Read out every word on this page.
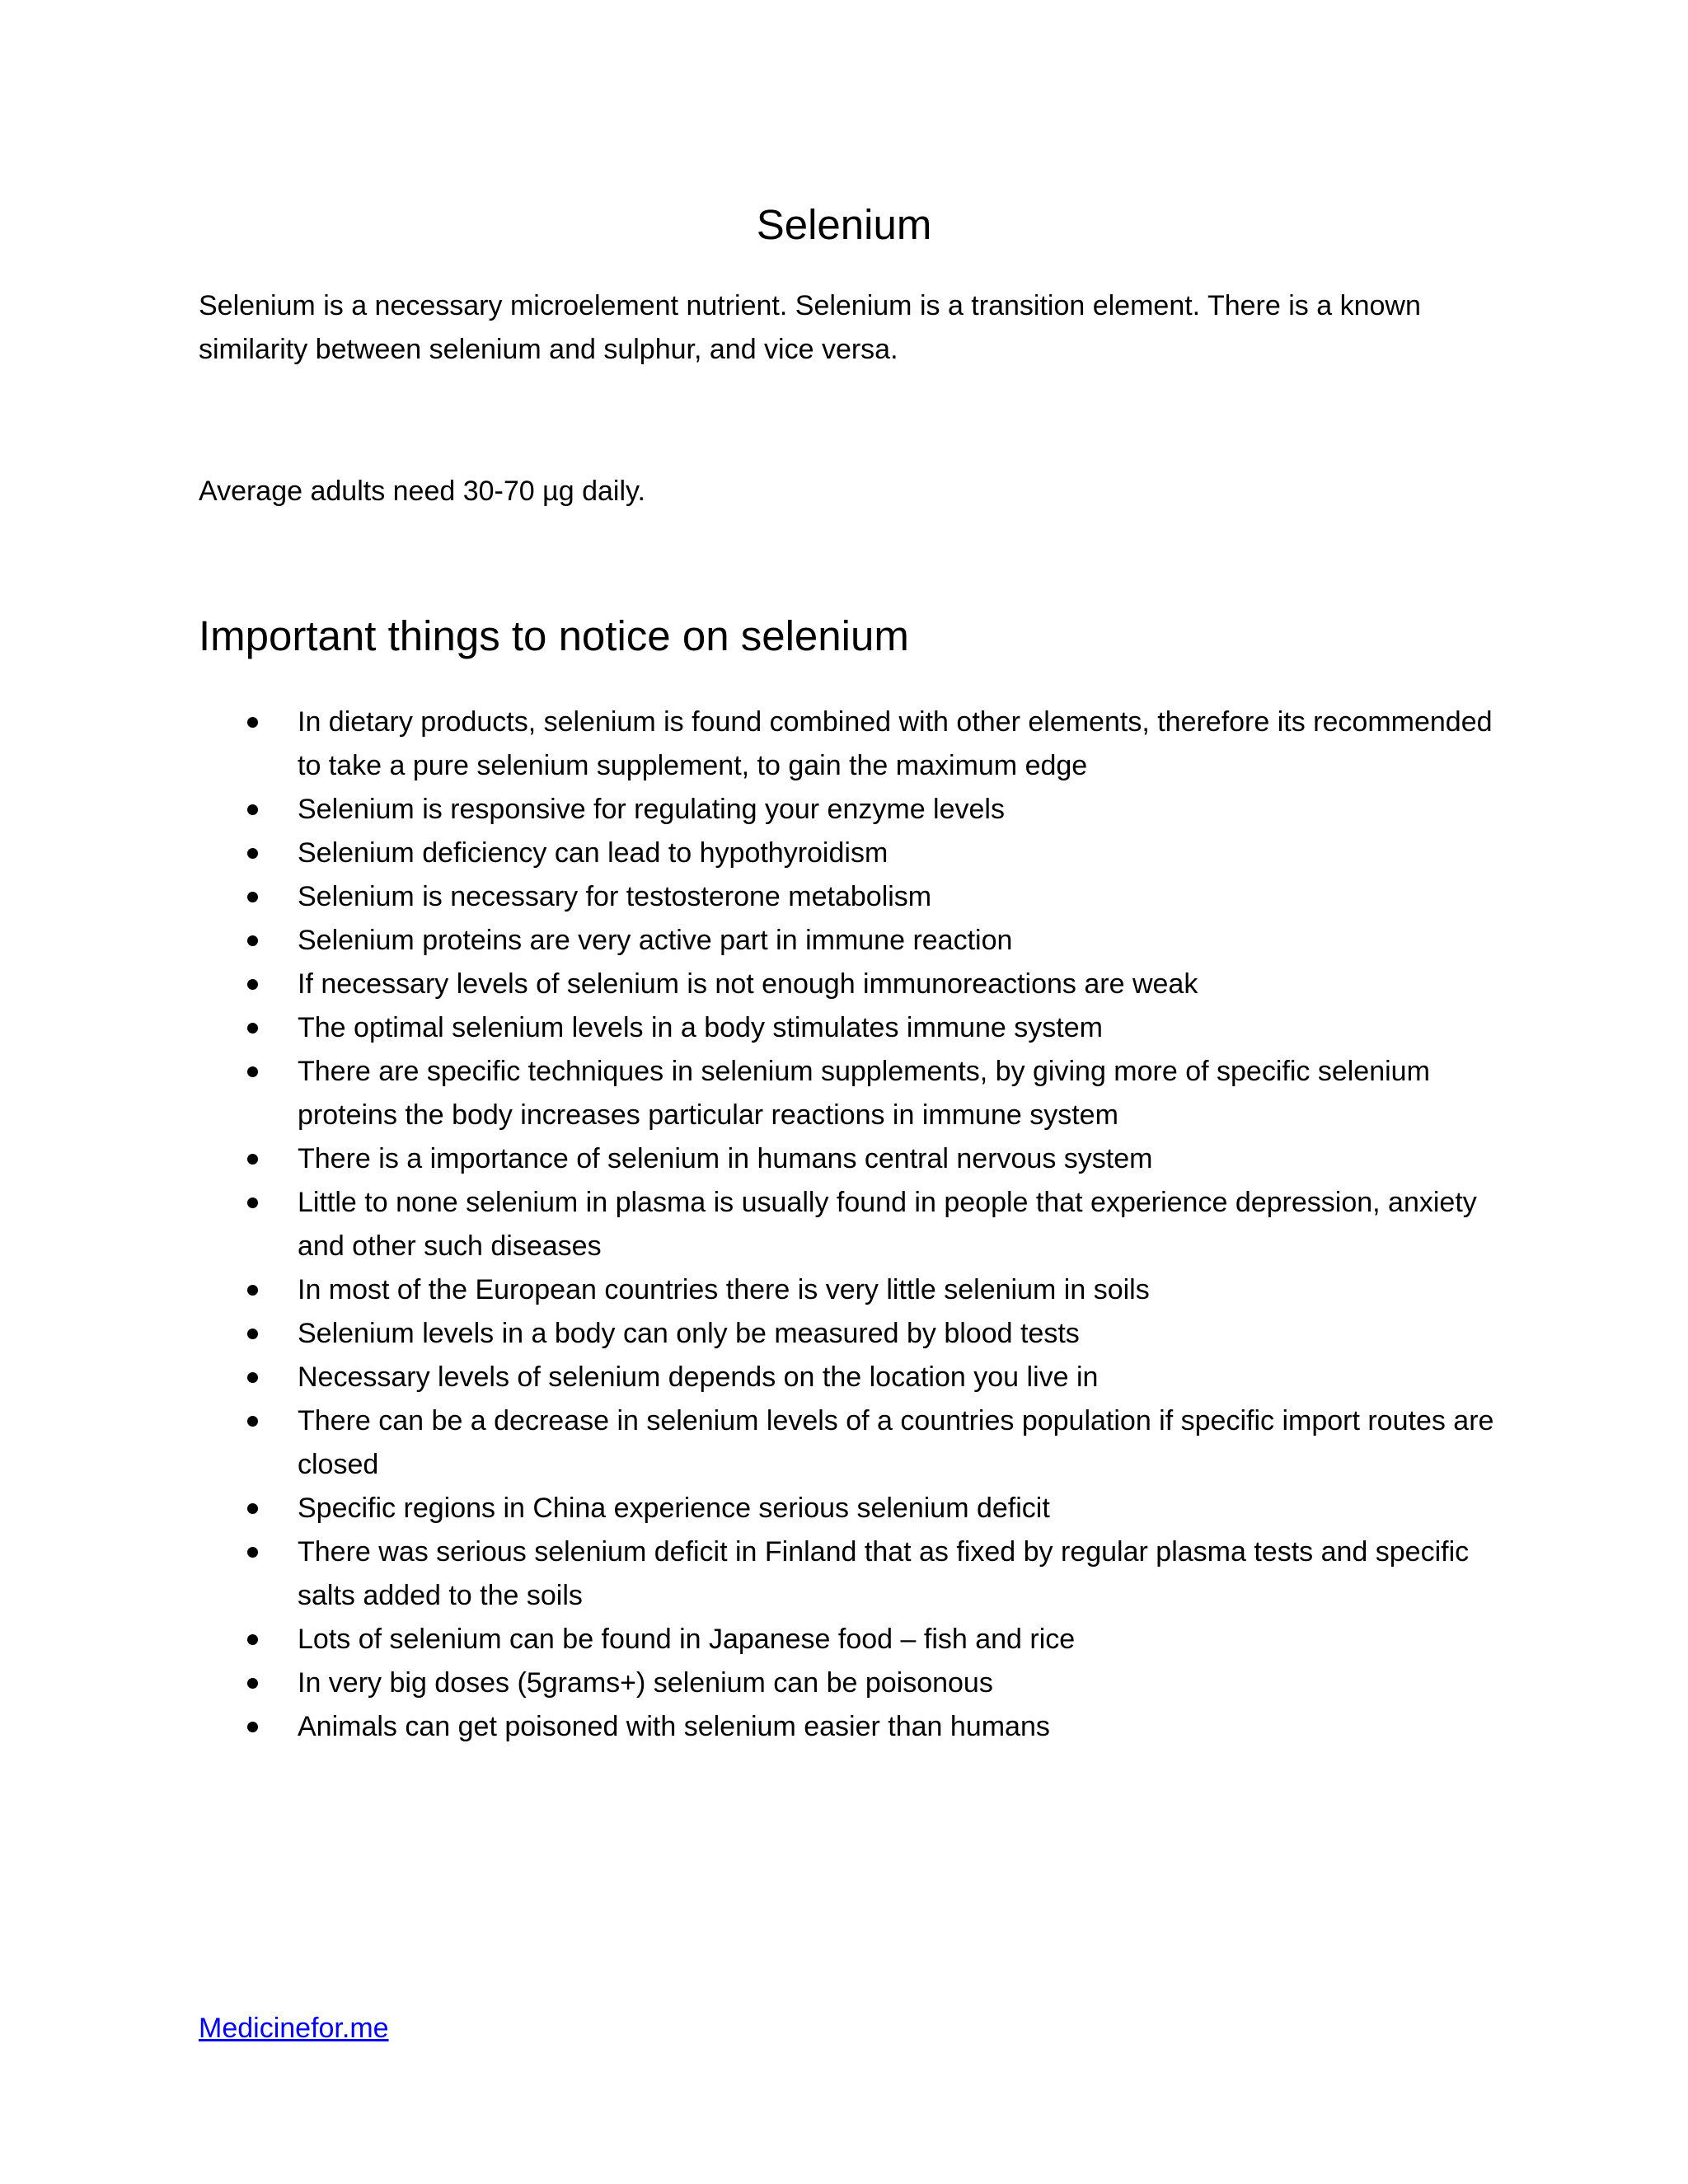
Selenium

Selenium is a necessary microelement nutrient. Selenium is a transition element. There is a known similarity between selenium and sulphur, and vice versa.

Average adults need 30-70 µg daily.

Important things to notice on selenium
In dietary products, selenium is found combined with other elements, therefore its recommended to take a pure selenium supplement, to gain the maximum edge
Selenium is responsive for regulating your enzyme levels
Selenium deficiency can lead to hypothyroidism
Selenium is necessary for testosterone metabolism
Selenium proteins are very active part in immune reaction
If necessary levels of selenium is not enough immunoreactions are weak
The optimal selenium levels in a body stimulates immune system
There are specific techniques in selenium supplements, by giving more of specific selenium proteins the body increases particular reactions in immune system
There is a importance of selenium in humans central nervous system
Little to none selenium in plasma is usually found in people that experience depression, anxiety and other such diseases
In most of the European countries there is very little selenium in soils
Selenium levels in a body can only be measured by blood tests
Necessary levels of selenium depends on the location you live in
There can be a decrease in selenium levels of a countries population if specific import routes are closed
Specific regions in China experience serious selenium deficit
There was serious selenium deficit in Finland that as fixed by regular plasma tests and specific salts added to the soils
Lots of selenium can be found in Japanese food – fish and rice
In very big doses (5grams+) selenium can be poisonous
Animals can get poisoned with selenium easier than humans
Medicinefor.me
